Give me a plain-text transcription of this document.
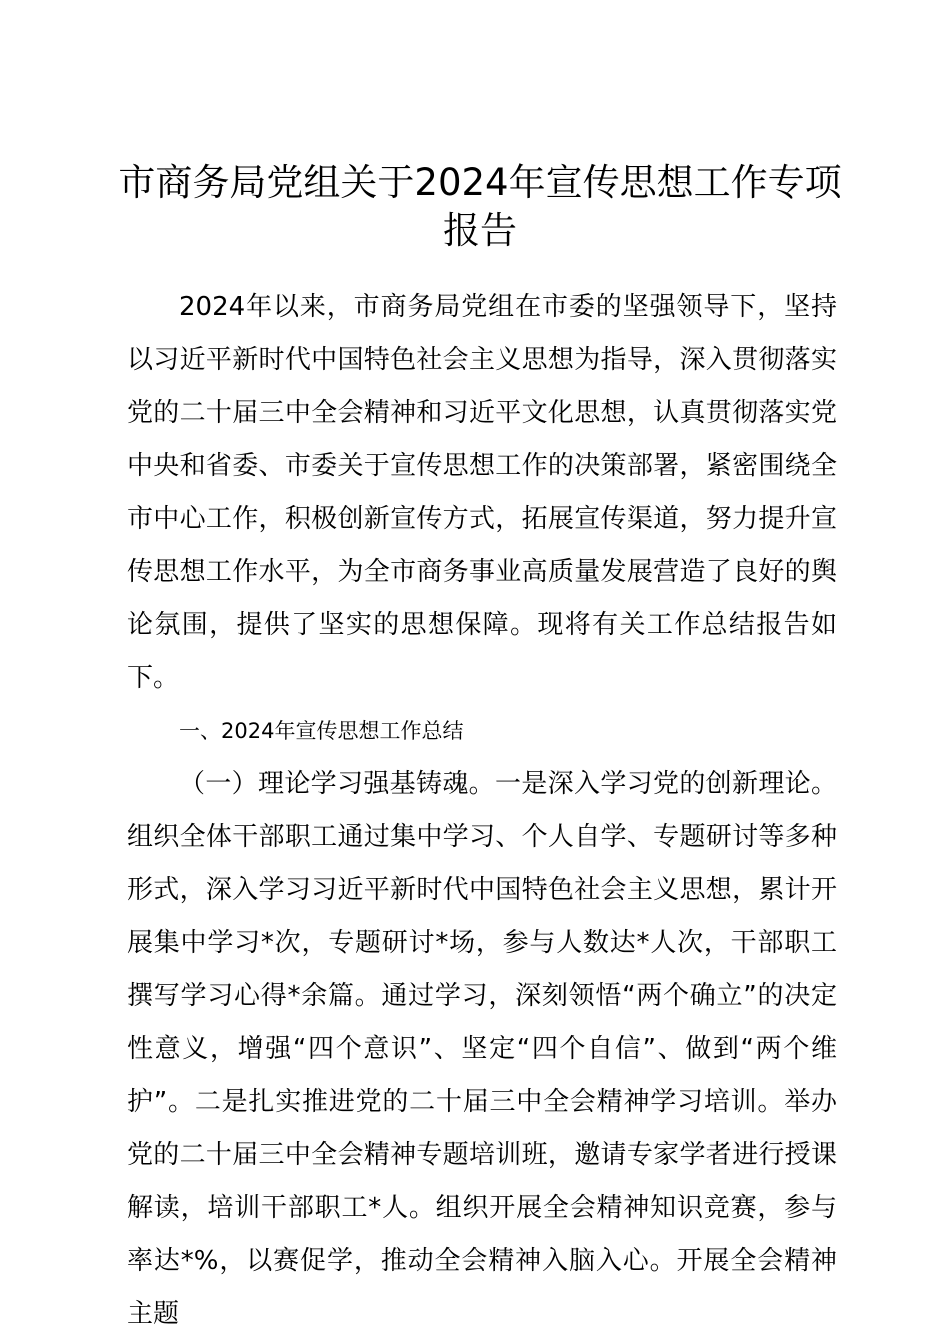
市商务局党组关于2024年宣传思想工作专项
报告

2024年以来，市商务局党组在市委的坚强领导下，坚持以习近平新时代中国特色社会主义思想为指导，深入贯彻落实党的二十届三中全会精神和习近平文化思想，认真贯彻落实党中央和省委、市委关于宣传思想工作的决策部署，紧密围绕全市中心工作，积极创新宣传方式，拓展宣传渠道，努力提升宣传思想工作水平，为全市商务事业高质量发展营造了良好的舆论氛围，提供了坚实的思想保障。现将有关工作总结报告如下。

一、2024年宣传思想工作总结

（一）理论学习强基铸魂。一是深入学习党的创新理论。组织全体干部职工通过集中学习、个人自学、专题研讨等多种形式，深入学习习近平新时代中国特色社会主义思想，累计开展集中学习*次，专题研讨*场，参与人数达*人次，干部职工撰写学习心得*余篇。通过学习，深刻领悟“两个确立”的决定性意义，增强“四个意识”、坚定“四个自信”、做到“两个维护”。二是扎实推进党的二十届三中全会精神学习培训。举办党的二十届三中全会精神专题培训班，邀请专家学者进行授课解读，培训干部职工*人。组织开展全会精神知识竞赛，参与率达*%，以赛促学，推动全会精神入脑入心。开展全会精神主题
